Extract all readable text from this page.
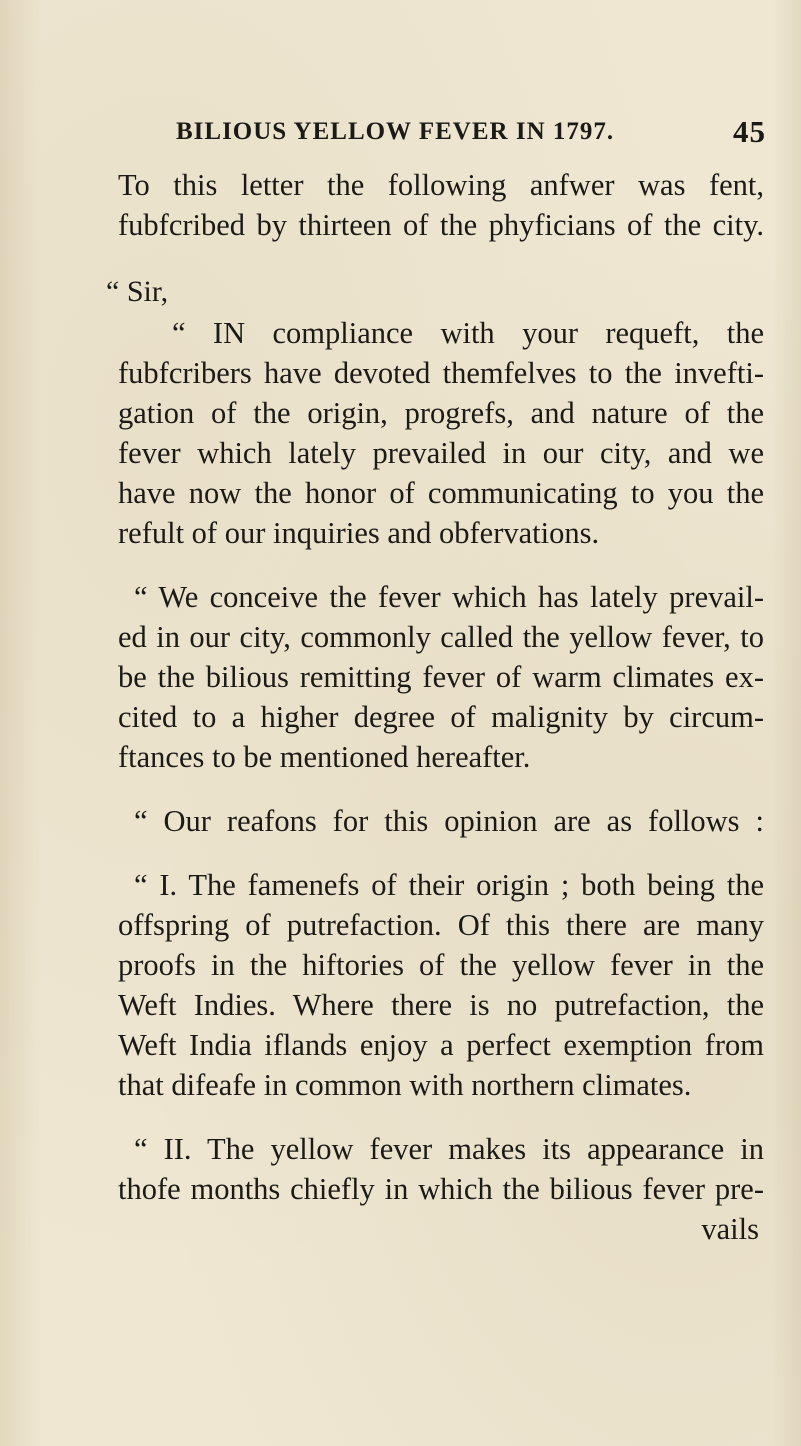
BILIOUS YELLOW FEVER IN 1797.	45
To this letter the following anfwer was fent,
fubfcribed by thirteen of the phyficians of the city.
“ Sir,
“ IN compliance with your requeft, the
fubfcribers have devoted themfelves to the invefti-
gation of the origin, progrefs, and nature of the
fever which lately prevailed in our city, and we
have now the honor of communicating to you the
refult of our inquiries and obfervations.
“ We conceive the fever which has lately prevail-
ed in our city, commonly called the yellow fever, to
be the bilious remitting fever of warm climates ex-
cited to a higher degree of malignity by circum-
ftances to be mentioned hereafter.
“ Our reafons for this opinion are as follows :
“ I. The famenefs of their origin ; both being the
offspring of putrefaction. Of this there are many
proofs in the hiftories of the yellow fever in the
Weft Indies. Where there is no putrefaction, the
Weft India iflands enjoy a perfect exemption from
that difeafe in common with northern climates.
“ II. The yellow fever makes its appearance in
thofe months chiefly in which the bilious fever pre-
vails
